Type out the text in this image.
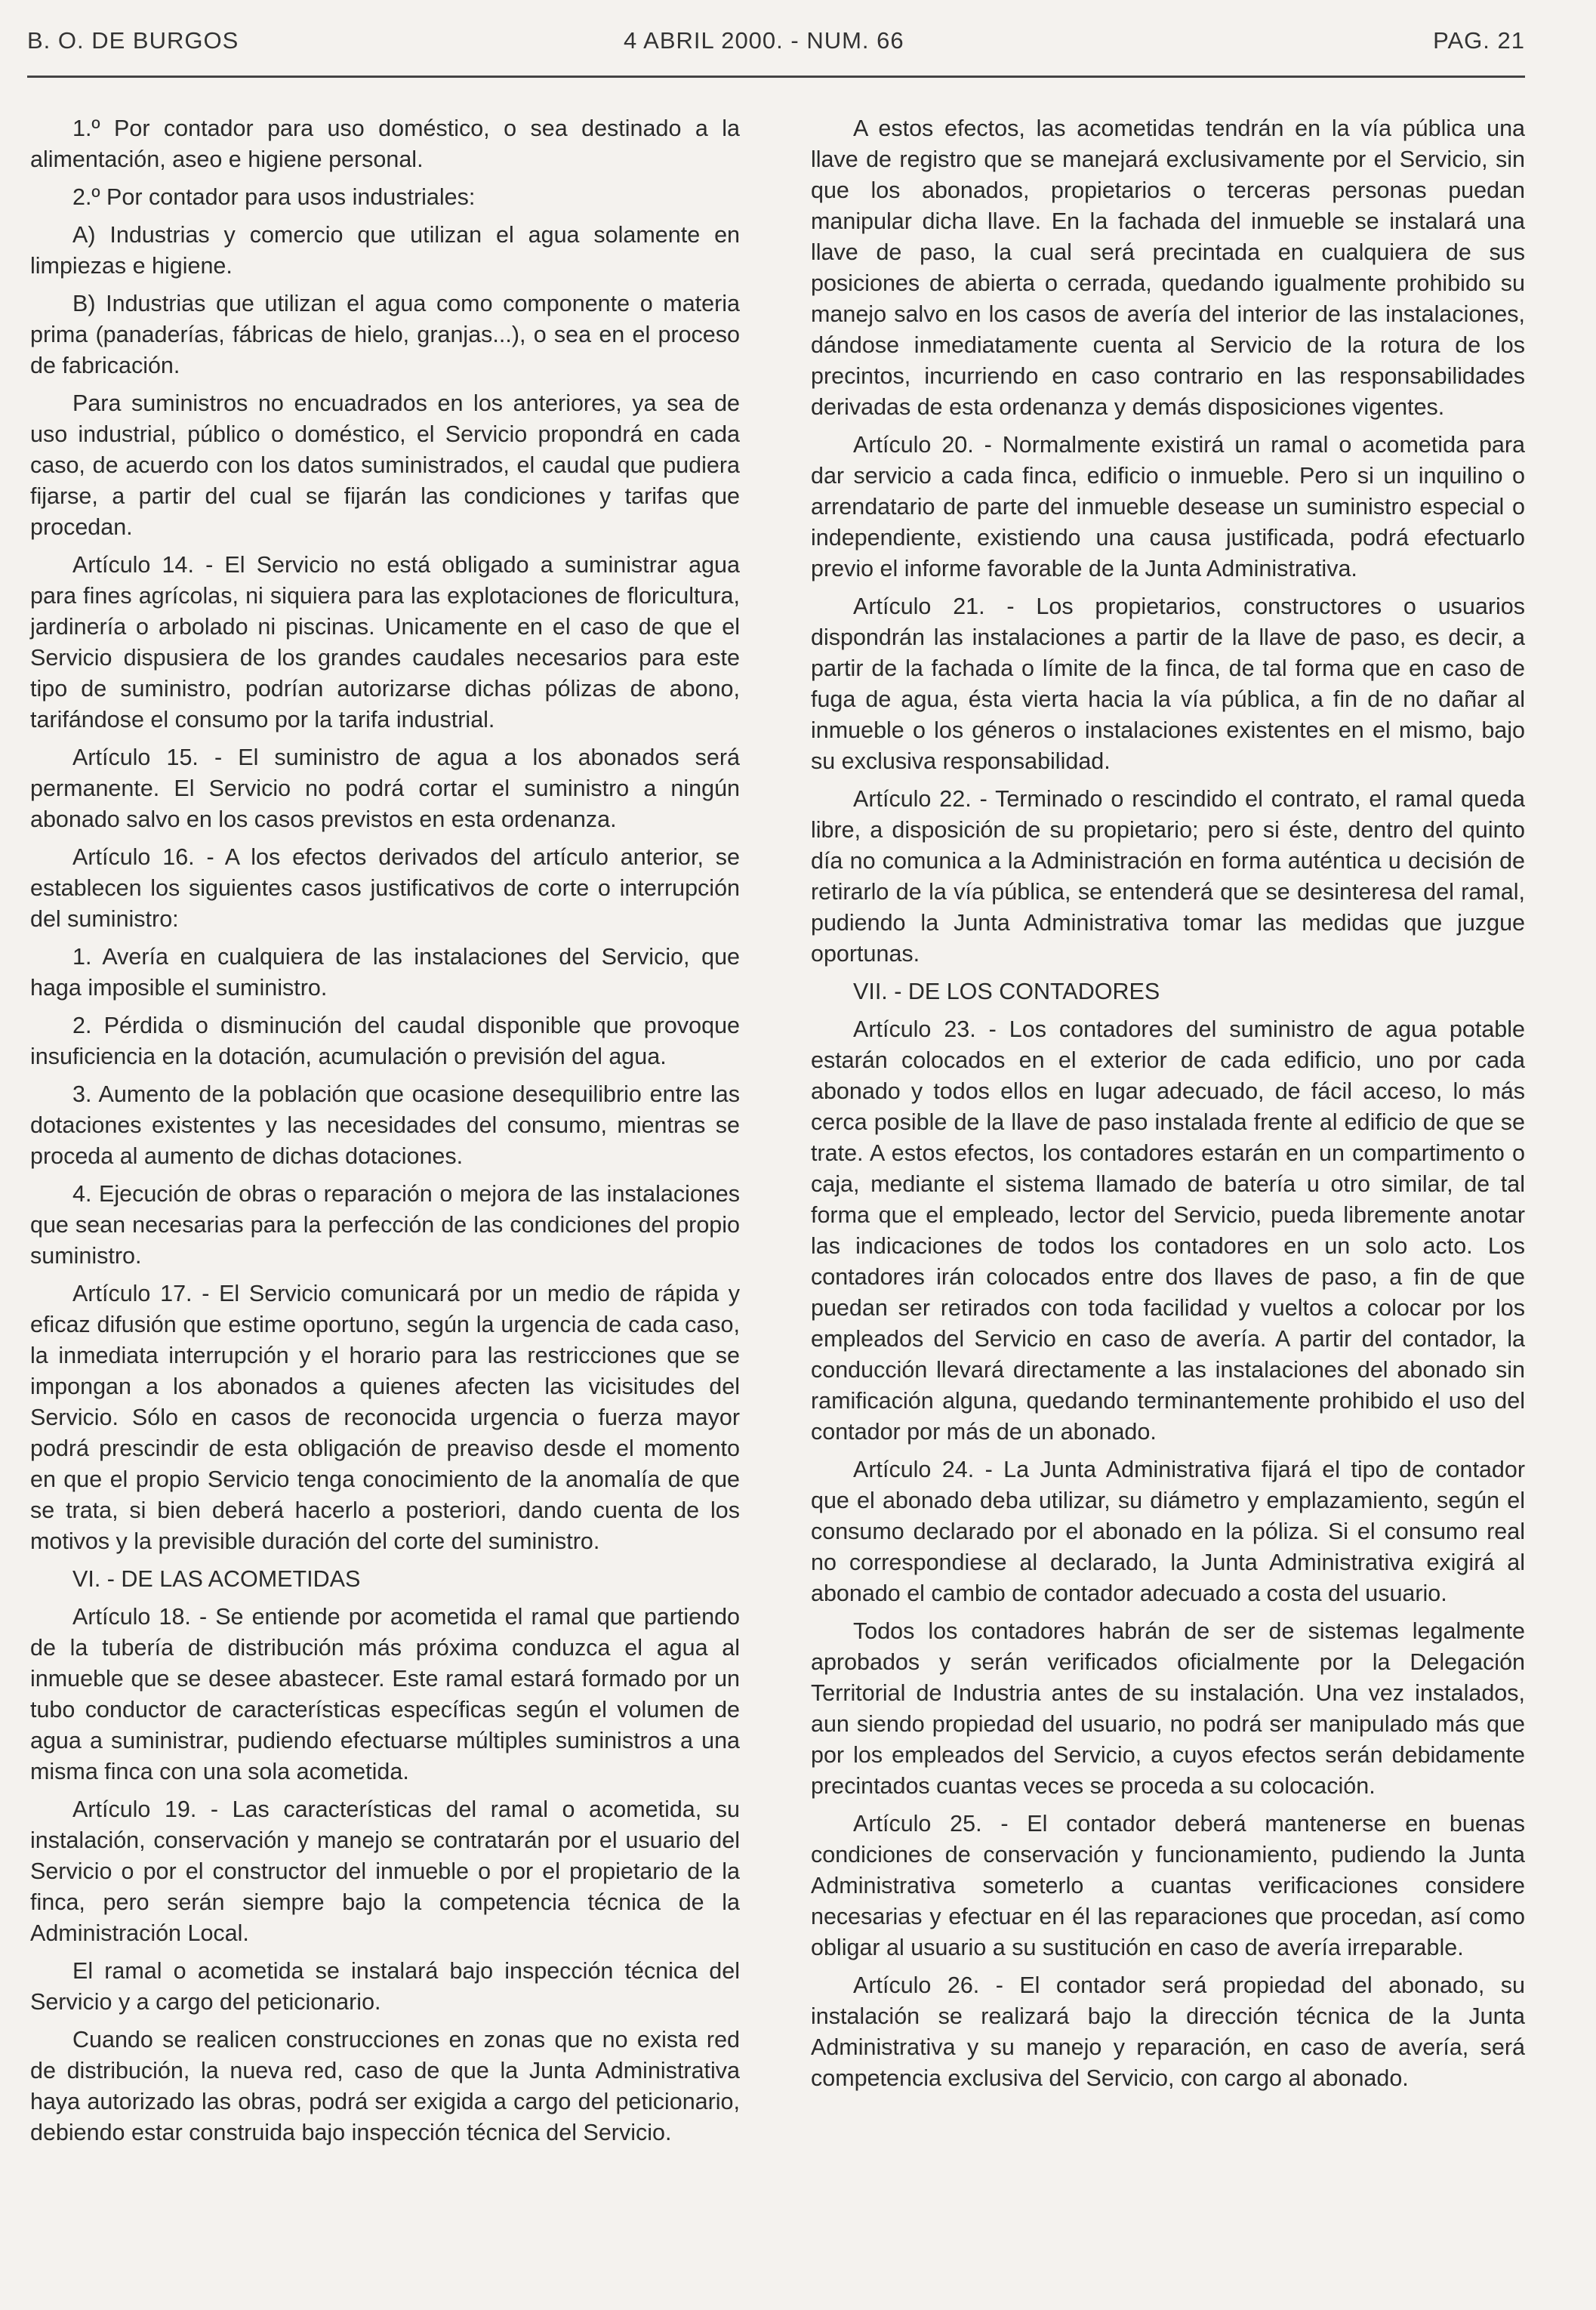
B. O. DE BURGOS	4 ABRIL 2000. - NUM. 66	PAG. 21

1.º Por contador para uso doméstico, o sea destinado a la alimentación, aseo e higiene personal.

2.º Por contador para usos industriales:

A) Industrias y comercio que utilizan el agua solamente en limpiezas e higiene.

B) Industrias que utilizan el agua como componente o materia prima (panaderías, fábricas de hielo, granjas...), o sea en el proceso de fabricación.

Para suministros no encuadrados en los anteriores, ya sea de uso industrial, público o doméstico, el Servicio propondrá en cada caso, de acuerdo con los datos suministrados, el caudal que pudiera fijarse, a partir del cual se fijarán las condiciones y tarifas que procedan.

Artículo 14. - El Servicio no está obligado a suministrar agua para fines agrícolas, ni siquiera para las explotaciones de floricultura, jardinería o arbolado ni piscinas. Unicamente en el caso de que el Servicio dispusiera de los grandes caudales necesarios para este tipo de suministro, podrían autorizarse dichas pólizas de abono, tarifándose el consumo por la tarifa industrial.

Artículo 15. - El suministro de agua a los abonados será permanente. El Servicio no podrá cortar el suministro a ningún abonado salvo en los casos previstos en esta ordenanza.

Artículo 16. - A los efectos derivados del artículo anterior, se establecen los siguientes casos justificativos de corte o interrupción del suministro:

1. Avería en cualquiera de las instalaciones del Servicio, que haga imposible el suministro.

2. Pérdida o disminución del caudal disponible que provoque insuficiencia en la dotación, acumulación o previsión del agua.

3. Aumento de la población que ocasione desequilibrio entre las dotaciones existentes y las necesidades del consumo, mientras se proceda al aumento de dichas dotaciones.

4. Ejecución de obras o reparación o mejora de las instalaciones que sean necesarias para la perfección de las condiciones del propio suministro.

Artículo 17. - El Servicio comunicará por un medio de rápida y eficaz difusión que estime oportuno, según la urgencia de cada caso, la inmediata interrupción y el horario para las restricciones que se impongan a los abonados a quienes afecten las vicisitudes del Servicio. Sólo en casos de reconocida urgencia o fuerza mayor podrá prescindir de esta obligación de preaviso desde el momento en que el propio Servicio tenga conocimiento de la anomalía de que se trata, si bien deberá hacerlo a posteriori, dando cuenta de los motivos y la previsible duración del corte del suministro.

VI. - DE LAS ACOMETIDAS

Artículo 18. - Se entiende por acometida el ramal que partiendo de la tubería de distribución más próxima conduzca el agua al inmueble que se desee abastecer. Este ramal estará formado por un tubo conductor de características específicas según el volumen de agua a suministrar, pudiendo efectuarse múltiples suministros a una misma finca con una sola acometida.

Artículo 19. - Las características del ramal o acometida, su instalación, conservación y manejo se contratarán por el usuario del Servicio o por el constructor del inmueble o por el propietario de la finca, pero serán siempre bajo la competencia técnica de la Administración Local.

El ramal o acometida se instalará bajo inspección técnica del Servicio y a cargo del peticionario.

Cuando se realicen construcciones en zonas que no exista red de distribución, la nueva red, caso de que la Junta Administrativa haya autorizado las obras, podrá ser exigida a cargo del peticionario, debiendo estar construida bajo inspección técnica del Servicio.

A estos efectos, las acometidas tendrán en la vía pública una llave de registro que se manejará exclusivamente por el Servicio, sin que los abonados, propietarios o terceras personas puedan manipular dicha llave. En la fachada del inmueble se instalará una llave de paso, la cual será precintada en cualquiera de sus posiciones de abierta o cerrada, quedando igualmente prohibido su manejo salvo en los casos de avería del interior de las instalaciones, dándose inmediatamente cuenta al Servicio de la rotura de los precintos, incurriendo en caso contrario en las responsabilidades derivadas de esta ordenanza y demás disposiciones vigentes.

Artículo 20. - Normalmente existirá un ramal o acometida para dar servicio a cada finca, edificio o inmueble. Pero si un inquilino o arrendatario de parte del inmueble desease un suministro especial o independiente, existiendo una causa justificada, podrá efectuarlo previo el informe favorable de la Junta Administrativa.

Artículo 21. - Los propietarios, constructores o usuarios dispondrán las instalaciones a partir de la llave de paso, es decir, a partir de la fachada o límite de la finca, de tal forma que en caso de fuga de agua, ésta vierta hacia la vía pública, a fin de no dañar al inmueble o los géneros o instalaciones existentes en el mismo, bajo su exclusiva responsabilidad.

Artículo 22. - Terminado o rescindido el contrato, el ramal queda libre, a disposición de su propietario; pero si éste, dentro del quinto día no comunica a la Administración en forma auténtica u decisión de retirarlo de la vía pública, se entenderá que se desinteresa del ramal, pudiendo la Junta Administrativa tomar las medidas que juzgue oportunas.

VII. - DE LOS CONTADORES

Artículo 23. - Los contadores del suministro de agua potable estarán colocados en el exterior de cada edificio, uno por cada abonado y todos ellos en lugar adecuado, de fácil acceso, lo más cerca posible de la llave de paso instalada frente al edificio de que se trate. A estos efectos, los contadores estarán en un compartimento o caja, mediante el sistema llamado de batería u otro similar, de tal forma que el empleado, lector del Servicio, pueda libremente anotar las indicaciones de todos los contadores en un solo acto. Los contadores irán colocados entre dos llaves de paso, a fin de que puedan ser retirados con toda facilidad y vueltos a colocar por los empleados del Servicio en caso de avería. A partir del contador, la conducción llevará directamente a las instalaciones del abonado sin ramificación alguna, quedando terminantemente prohibido el uso del contador por más de un abonado.

Artículo 24. - La Junta Administrativa fijará el tipo de contador que el abonado deba utilizar, su diámetro y emplazamiento, según el consumo declarado por el abonado en la póliza. Si el consumo real no correspondiese al declarado, la Junta Administrativa exigirá al abonado el cambio de contador adecuado a costa del usuario.

Todos los contadores habrán de ser de sistemas legalmente aprobados y serán verificados oficialmente por la Delegación Territorial de Industria antes de su instalación. Una vez instalados, aun siendo propiedad del usuario, no podrá ser manipulado más que por los empleados del Servicio, a cuyos efectos serán debidamente precintados cuantas veces se proceda a su colocación.

Artículo 25. - El contador deberá mantenerse en buenas condiciones de conservación y funcionamiento, pudiendo la Junta Administrativa someterlo a cuantas verificaciones considere necesarias y efectuar en él las reparaciones que procedan, así como obligar al usuario a su sustitución en caso de avería irreparable.

Artículo 26. - El contador será propiedad del abonado, su instalación se realizará bajo la dirección técnica de la Junta Administrativa y su manejo y reparación, en caso de avería, será competencia exclusiva del Servicio, con cargo al abonado.
